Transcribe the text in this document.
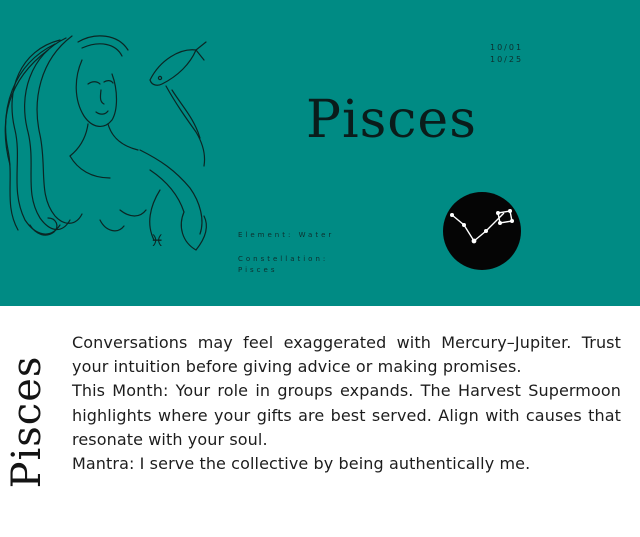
♓
10/01
10/25
Pisces
Element: Water
Constellation:
Pisces
Pisces

Conversations may feel exaggerated with Mercury–Jupiter. Trust your intuition before giving advice or making promises.

This Month: Your role in groups expands. The Harvest Supermoon highlights where your gifts are best served. Align with causes that resonate with your soul.

Mantra: I serve the collective by being authentically me.
